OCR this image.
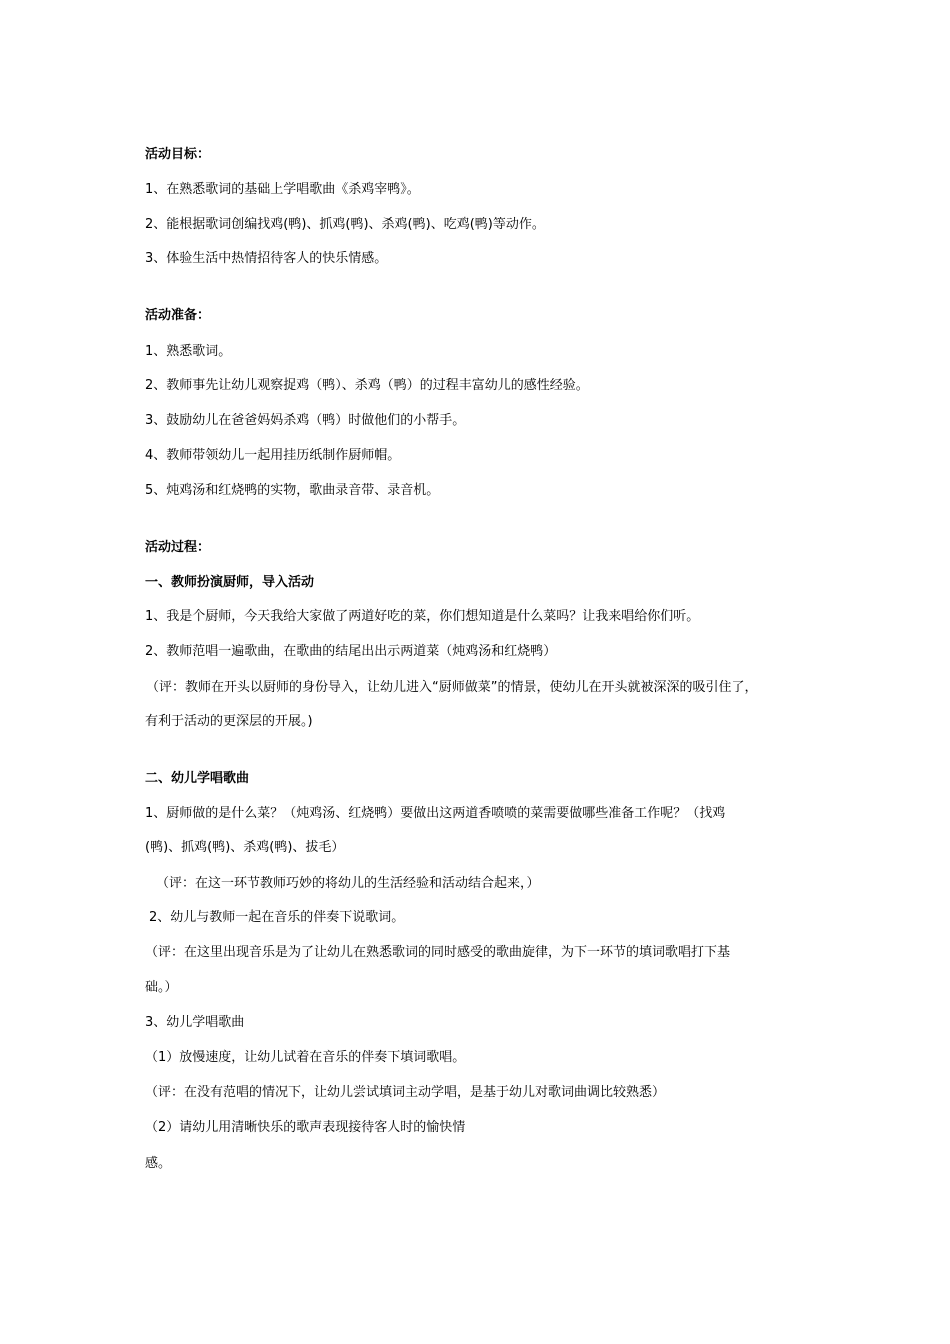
活动目标：
1、在熟悉歌词的基础上学唱歌曲《杀鸡宰鸭》。
2、能根据歌词创编找鸡(鸭)、抓鸡(鸭)、杀鸡(鸭)、吃鸡(鸭)等动作。
3、体验生活中热情招待客人的快乐情感。
活动准备：
1、熟悉歌词。
2、教师事先让幼儿观察捉鸡（鸭）、杀鸡（鸭）的过程丰富幼儿的感性经验。
3、鼓励幼儿在爸爸妈妈杀鸡（鸭）时做他们的小帮手。
4、教师带领幼儿一起用挂历纸制作厨师帽。
5、炖鸡汤和红烧鸭的实物，歌曲录音带、录音机。
活动过程：
一、教师扮演厨师，导入活动
1、我是个厨师，今天我给大家做了两道好吃的菜，你们想知道是什么菜吗？让我来唱给你们听。
2、教师范唱一遍歌曲，在歌曲的结尾出出示两道菜（炖鸡汤和红烧鸭）
（评：教师在开头以厨师的身份导入，让幼儿进入“厨师做菜”的情景，使幼儿在开头就被深深的吸引住了，
有利于活动的更深层的开展。)
二、幼儿学唱歌曲
1、厨师做的是什么菜？（炖鸡汤、红烧鸭）要做出这两道香喷喷的菜需要做哪些准备工作呢？（找鸡
(鸭)、抓鸡(鸭)、杀鸡(鸭)、拔毛）
（评：在这一环节教师巧妙的将幼儿的生活经验和活动结合起来，）
2、幼儿与教师一起在音乐的伴奏下说歌词。
（评：在这里出现音乐是为了让幼儿在熟悉歌词的同时感受的歌曲旋律，为下一环节的填词歌唱打下基
础。）
3、幼儿学唱歌曲
（1）放慢速度，让幼儿试着在音乐的伴奏下填词歌唱。
（评：在没有范唱的情况下，让幼儿尝试填词主动学唱，是基于幼儿对歌词曲调比较熟悉）
（2）请幼儿用清晰快乐的歌声表现接待客人时的愉快情
感。
